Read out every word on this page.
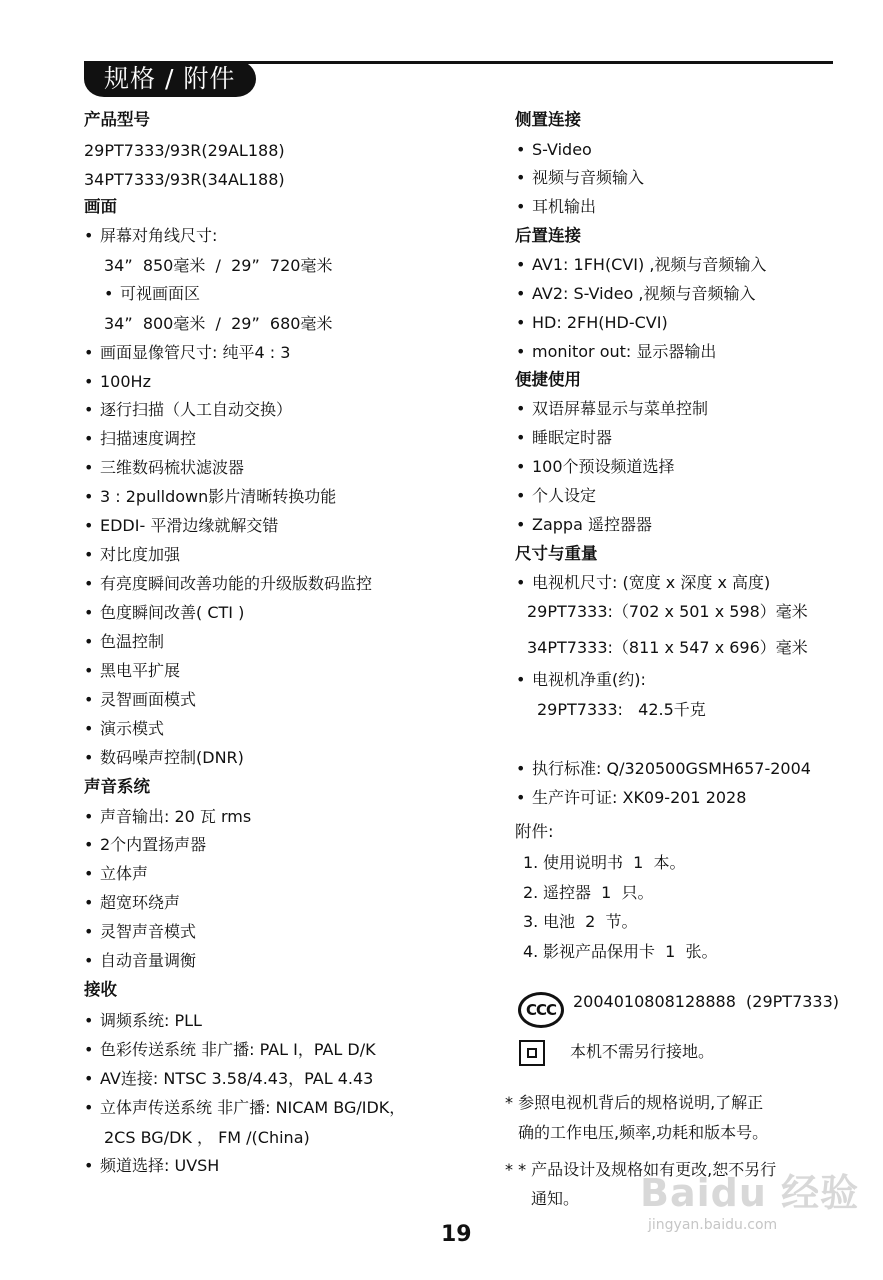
规格 / 附件
产品型号
29PT7333/93R(29AL188)
34PT7333/93R(34AL188)
画面
• 屏幕对角线尺寸:
34”  850毫米  /  29”  720毫米
• 可视画面区
34”  800毫米  /  29”  680毫米
• 画面显像管尺寸: 纯平4 : 3
• 100Hz
• 逐行扫描（人工自动交换）
• 扫描速度调控
• 三维数码梳状滤波器
• 3 : 2pulldown影片清晰转换功能
• EDDI- 平滑边缘就解交错
• 对比度加强
• 有亮度瞬间改善功能的升级版数码监控
• 色度瞬间改善( CTI )
• 色温控制
• 黑电平扩展
• 灵智画面模式
• 演示模式
• 数码噪声控制(DNR)
声音系统
• 声音输出: 20 瓦 rms
• 2个内置扬声器
• 立体声
• 超宽环绕声
• 灵智声音模式
• 自动音量调衡
接收
• 调频系统: PLL
• 色彩传送系统 非广播: PAL I，PAL D/K
• AV连接: NTSC 3.58/4.43，PAL 4.43
• 立体声传送系统 非广播: NICAM BG/IDK，
2CS BG/DK ， FM /(China)
• 频道选择: UVSH
侧置连接
• S-Video
• 视频与音频输入
• 耳机输出
后置连接
• AV1: 1FH(CVI) ,视频与音频输入
• AV2: S-Video ,视频与音频输入
• HD: 2FH(HD-CVI)
• monitor out: 显示器输出
便捷使用
• 双语屏幕显示与菜单控制
• 睡眠定时器
• 100个预设频道选择
• 个人设定
• Zappa 遥控器器
尺寸与重量
• 电视机尺寸: (宽度 x 深度 x 高度)
29PT7333:（702 x 501 x 598）毫米
34PT7333:（811 x 547 x 696）毫米
• 电视机净重(约):
29PT7333:   42.5千克
• 执行标准: Q/320500GSMH657-2004
• 生产许可证: XK09-201 2028
附件:
1. 使用说明书  1  本。
2. 遥控器  1  只。
3. 电池  2  节。
4. 影视产品保用卡  1  张。
CCC	2004010808128888  (29PT7333)
本机不需另行接地。
* 参照电视机背后的规格说明,了解正
确的工作电压,频率,功耗和版本号。
* * 产品设计及规格如有更改,恕不另行
通知。 Baidu 经验
jingyan.baidu.com
19
